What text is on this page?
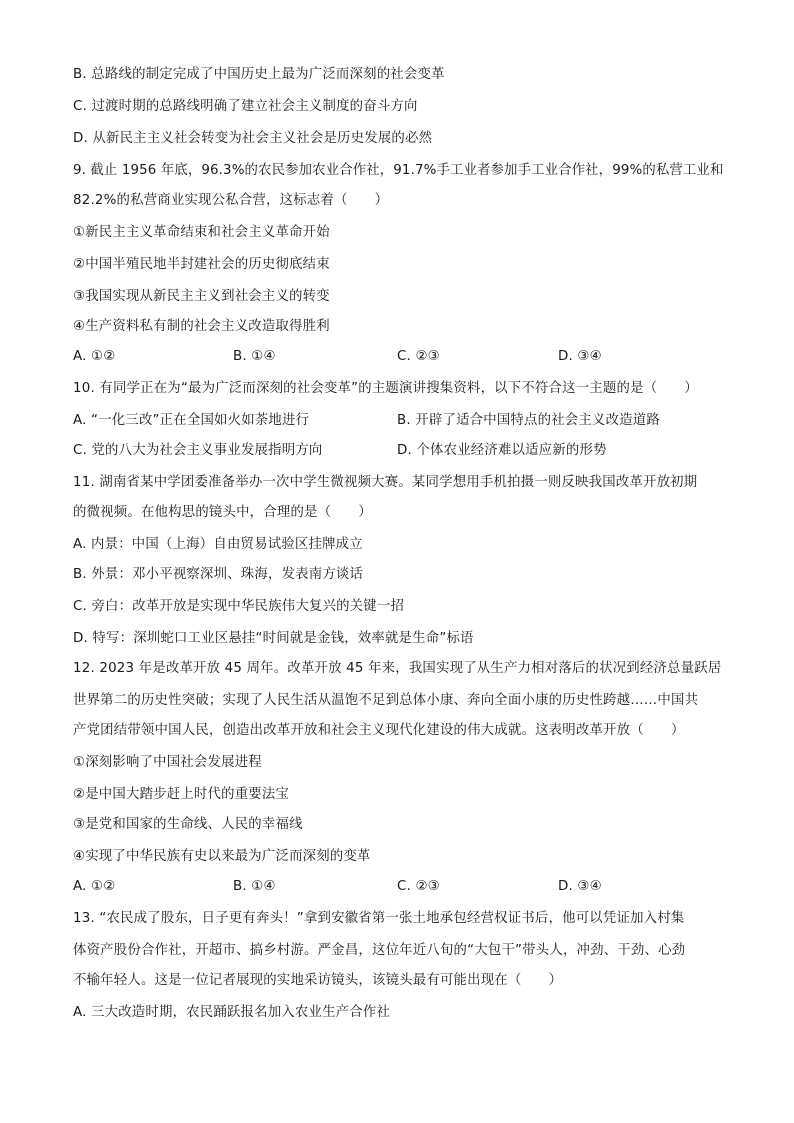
B. 总路线的制定完成了中国历史上最为广泛而深刻的社会变革
C. 过渡时期的总路线明确了建立社会主义制度的奋斗方向
D. 从新民主主义社会转变为社会主义社会是历史发展的必然
9. 截止 1956 年底，96.3%的农民参加农业合作社，91.7%手工业者参加手工业合作社，99%的私营工业和
82.2%的私营商业实现公私合营，这标志着（　　）
①新民主主义革命结束和社会主义革命开始
②中国半殖民地半封建社会的历史彻底结束
③我国实现从新民主主义到社会主义的转变
④生产资料私有制的社会主义改造取得胜利
A. ①②	B. ①④	C. ②③	D. ③④
10. 有同学正在为“最为广泛而深刻的社会变革”的主题演讲搜集资料，以下不符合这一主题的是（　　）
A. “一化三改”正在全国如火如荼地进行	B. 开辟了适合中国特点的社会主义改造道路
C. 党的八大为社会主义事业发展指明方向	D. 个体农业经济难以适应新的形势
11. 湖南省某中学团委准备举办一次中学生微视频大赛。某同学想用手机拍摄一则反映我国改革开放初期
的微视频。在他构思的镜头中，合理的是（　　）
A. 内景：中国（上海）自由贸易试验区挂牌成立
B. 外景：邓小平视察深圳、珠海，发表南方谈话
C. 旁白：改革开放是实现中华民族伟大复兴的关键一招
D. 特写：深圳蛇口工业区悬挂“时间就是金钱，效率就是生命”标语
12. 2023 年是改革开放 45 周年。改革开放 45 年来，我国实现了从生产力相对落后的状况到经济总量跃居
世界第二的历史性突破；实现了人民生活从温饱不足到总体小康、奔向全面小康的历史性跨越……中国共
产党团结带领中国人民，创造出改革开放和社会主义现代化建设的伟大成就。这表明改革开放（　　）
①深刻影响了中国社会发展进程
②是中国大踏步赶上时代的重要法宝
③是党和国家的生命线、人民的幸福线
④实现了中华民族有史以来最为广泛而深刻的变革
A. ①②	B. ①④	C. ②③	D. ③④
13. “农民成了股东，日子更有奔头！”拿到安徽省第一张土地承包经营权证书后，他可以凭证加入村集
体资产股份合作社，开超市、搞乡村游。严金昌，这位年近八旬的“大包干”带头人，冲劲、干劲、心劲
不输年轻人。这是一位记者展现的实地采访镜头，该镜头最有可能出现在（　　）
A. 三大改造时期，农民踊跃报名加入农业生产合作社
